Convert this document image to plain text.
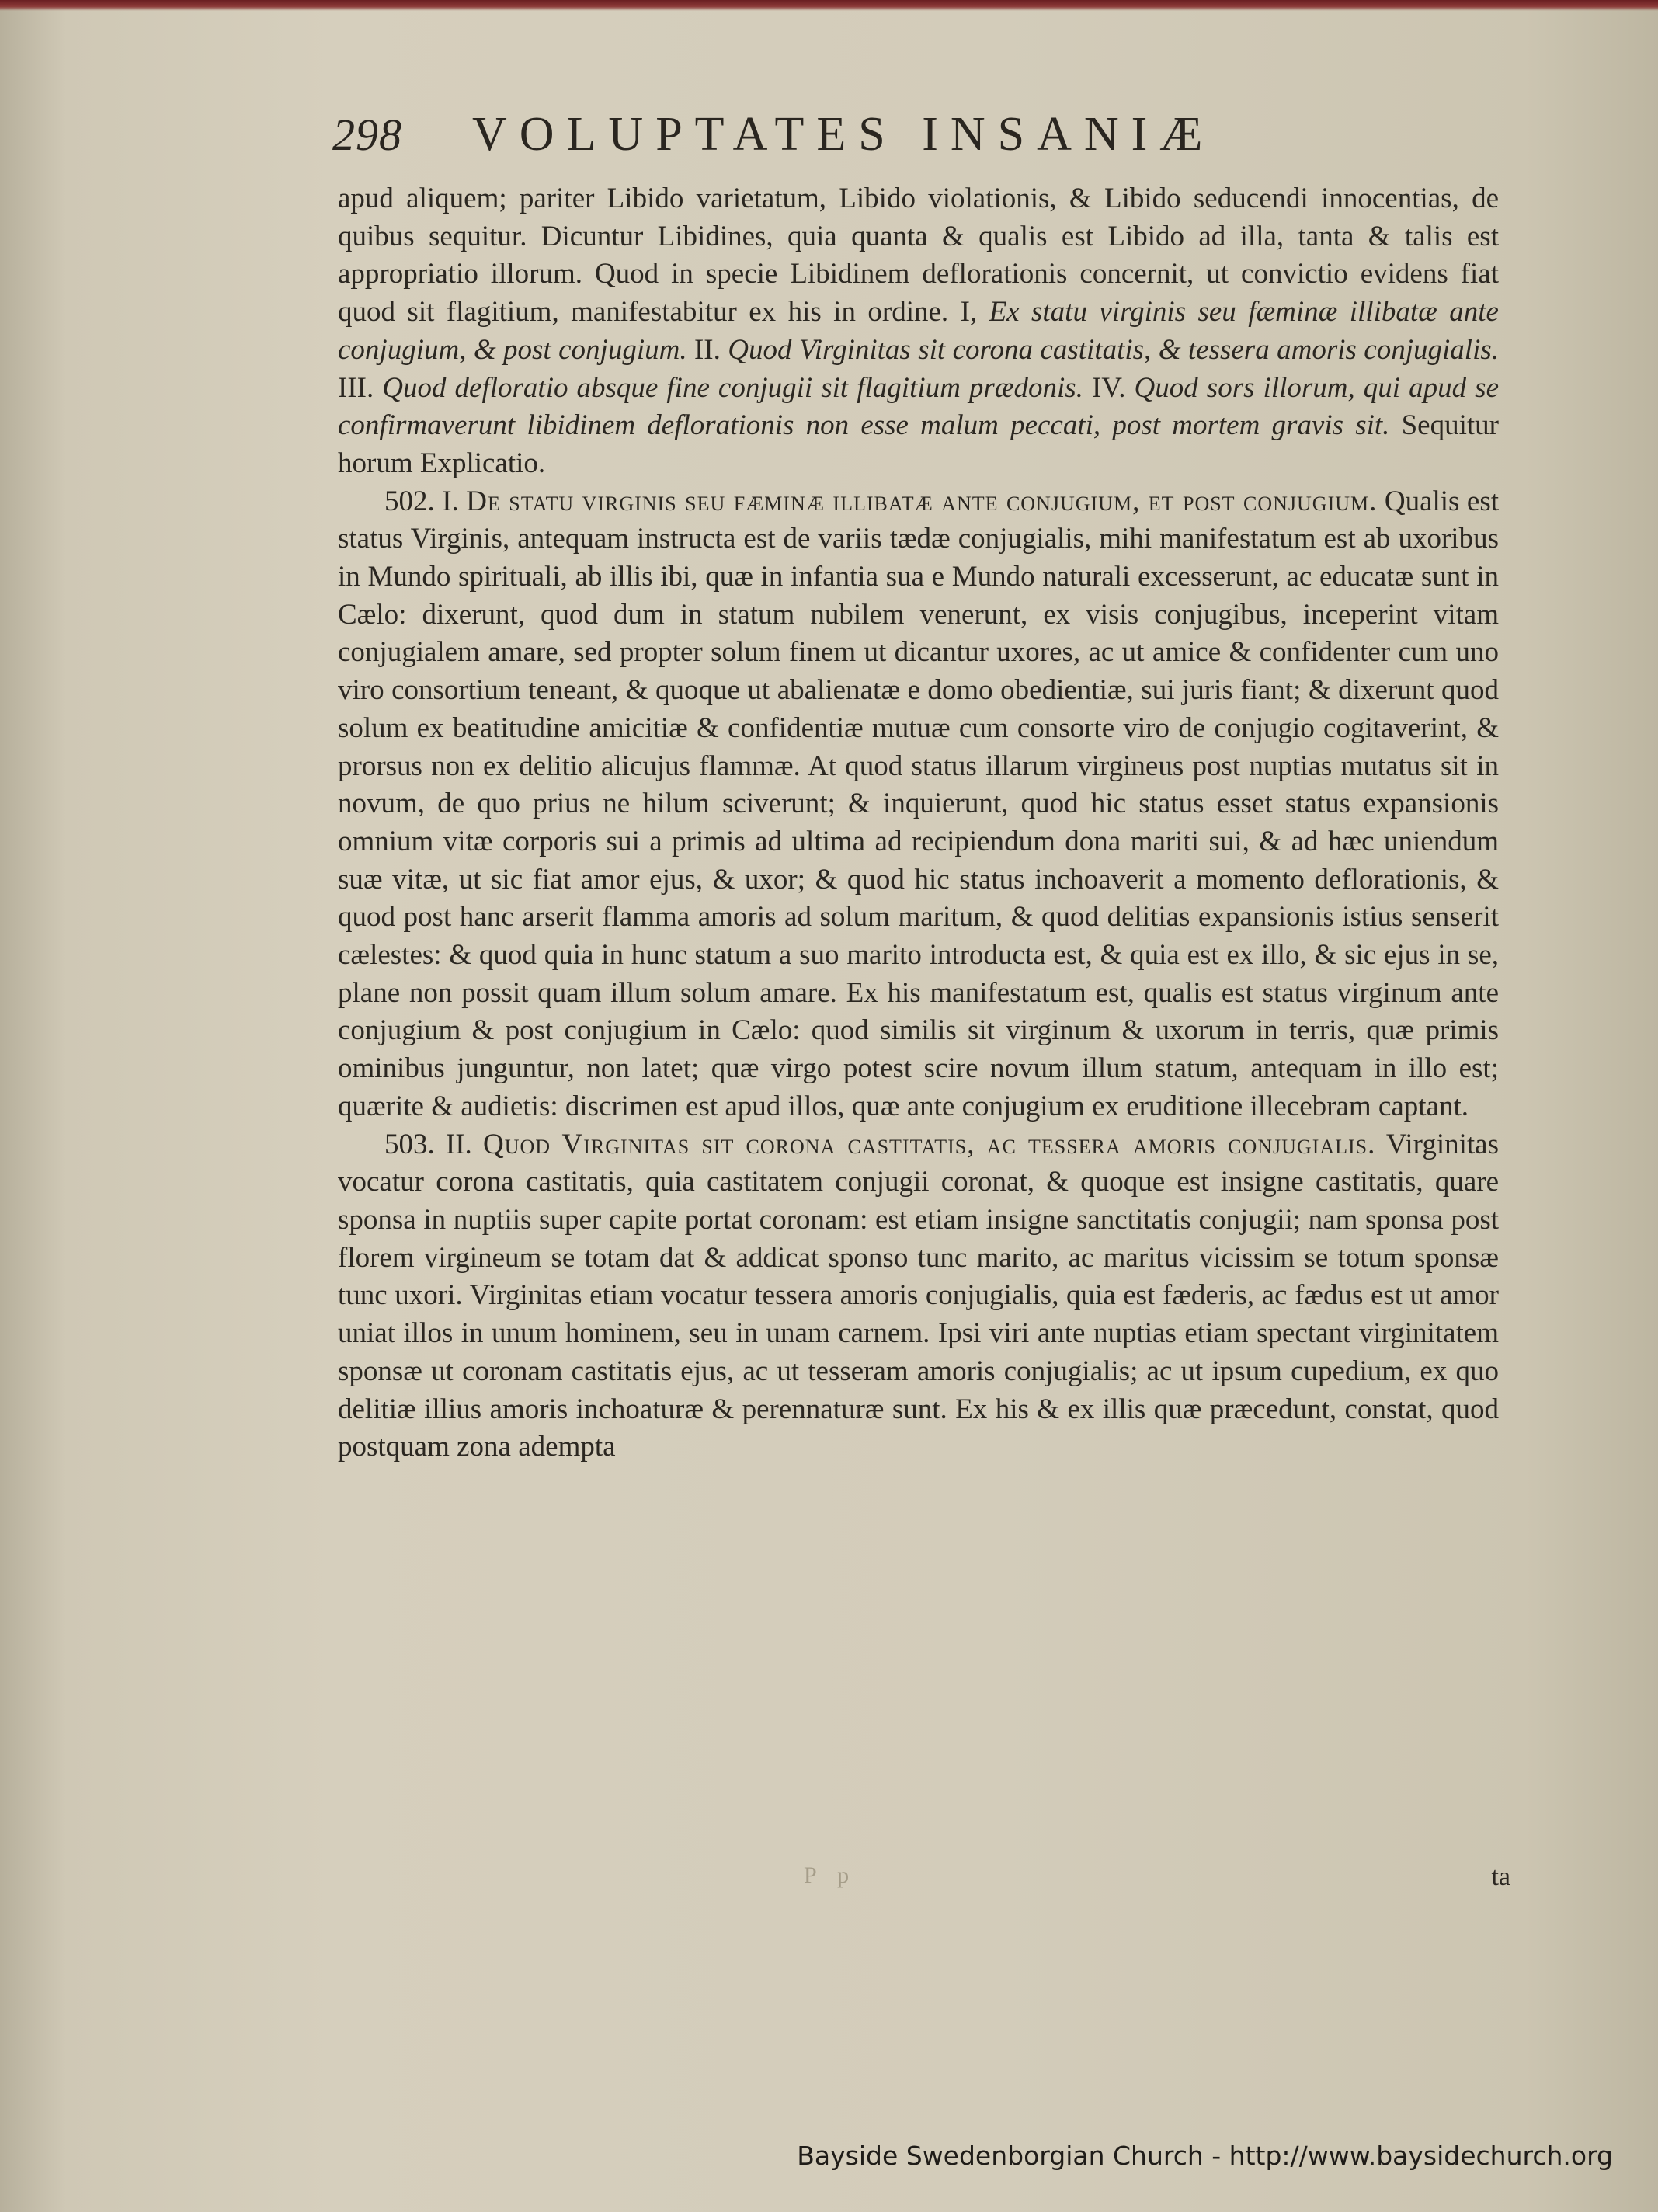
298 VOLUPTATES INSANIÆ

apud aliquem; pariter Libido varietatum, Libido violationis, & Libido seducendi innocentias, de quibus sequitur. Dicuntur Libidines, quia quanta & qualis est Libido ad illa, tanta & talis est appropriatio illorum. Quod in specie Libidinem deflorationis concernit, ut convictio evidens fiat quod sit flagitium, manifestabitur ex his in ordine. I, Ex statu virginis seu fæminæ illibatæ ante conjugium, & post conjugium. II. Quod Virginitas sit corona castitatis, & tessera amoris conjugialis. III. Quod defloratio absque fine conjugii sit flagitium prædonis. IV. Quod sors illorum, qui apud se confirmaverunt libidinem deflorationis non esse malum peccati, post mortem gravis sit. Sequitur horum Explicatio.

502. I. De statu virginis seu fæminæ illibatæ ante conjugium, et post conjugium. Qualis est status Virginis, antequam instructa est de variis tædæ conjugialis, mihi manifestatum est ab uxoribus in Mundo spirituali, ab illis ibi, quæ in infantia sua e Mundo naturali excesserunt, ac educatæ sunt in Cælo: dixerunt, quod dum in statum nubilem venerunt, ex visis conjugibus, inceperint vitam conjugialem amare, sed propter solum finem ut dicantur uxores, ac ut amice & confidenter cum uno viro consortium teneant, & quoque ut abalienatæ e domo obedientiæ, sui juris fiant; & dixerunt quod solum ex beatitudine amicitiæ & confidentiæ mutuæ cum consorte viro de conjugio cogitaverint, & prorsus non ex delitio alicujus flammæ. At quod status illarum virgineus post nuptias mutatus sit in novum, de quo prius ne hilum sciverunt; & inquierunt, quod hic status esset status expansionis omnium vitæ corporis sui a primis ad ultima ad recipiendum dona mariti sui, & ad hæc uniendum suæ vitæ, ut sic fiat amor ejus, & uxor; & quod hic status inchoaverit a momento deflorationis, & quod post hanc arserit flamma amoris ad solum maritum, & quod delitias expansionis istius senserit cælestes: & quod quia in hunc statum a suo marito introducta est, & quia est ex illo, & sic ejus in se, plane non possit quam illum solum amare. Ex his manifestatum est, qualis est status virginum ante conjugium & post conjugium in Cælo: quod similis sit virginum & uxorum in terris, quæ primis ominibus junguntur, non latet; quæ virgo potest scire novum illum statum, antequam in illo est; quærite & audietis: discrimen est apud illos, quæ ante conjugium ex eruditione illecebram captant.

503. II. Quod Virginitas sit corona castitatis, ac tessera amoris conjugialis. Virginitas vocatur corona castitatis, quia castitatem conjugii coronat, & quoque est insigne castitatis, quare sponsa in nuptiis super capite portat coronam: est etiam insigne sanctitatis conjugii; nam sponsa post florem virgineum se totam dat & addicat sponso tunc marito, ac maritus vicissim se totum sponsæ tunc uxori. Virginitas etiam vocatur tessera amoris conjugialis, quia est fæderis, ac fædus est ut amor uniat illos in unum hominem, seu in unam carnem. Ipsi viri ante nuptias etiam spectant virginitatem sponsæ ut coronam castitatis ejus, ac ut tesseram amoris conjugialis; ac ut ipsum cupedium, ex quo delitiæ illius amoris inchoaturæ & perennaturæ sunt. Ex his & ex illis quæ præcedunt, constat, quod postquam zona adempta

P p	ta
Bayside Swedenborgian Church - http://www.baysidechurch.org
